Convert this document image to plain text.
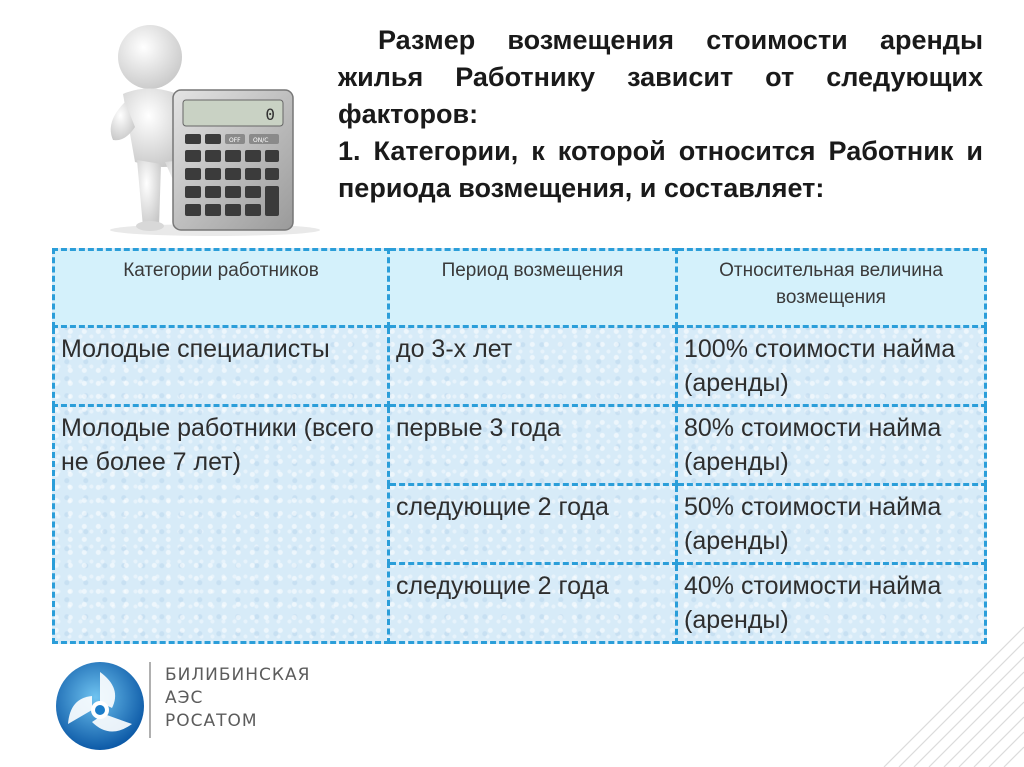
0
OFF ON/C

Размер возмещения стоимости аренды жилья Работнику зависит от следующих факторов:

1. Категории, к которой относится Работник и периода возмещения, и составляет:

Категории работников	Период возмещения	Относительная величина возмещения
Молодые специалисты	до 3-х лет	100% стоимости найма (аренды)
Молодые работники (всего не более 7 лет)	первые 3 года	80% стоимости найма (аренды)
	следующие 2 года	50% стоимости найма (аренды)
	следующие 2 года	40% стоимости найма (аренды)
БИЛИБИНСКАЯ
АЭС
РОСАТОМ
